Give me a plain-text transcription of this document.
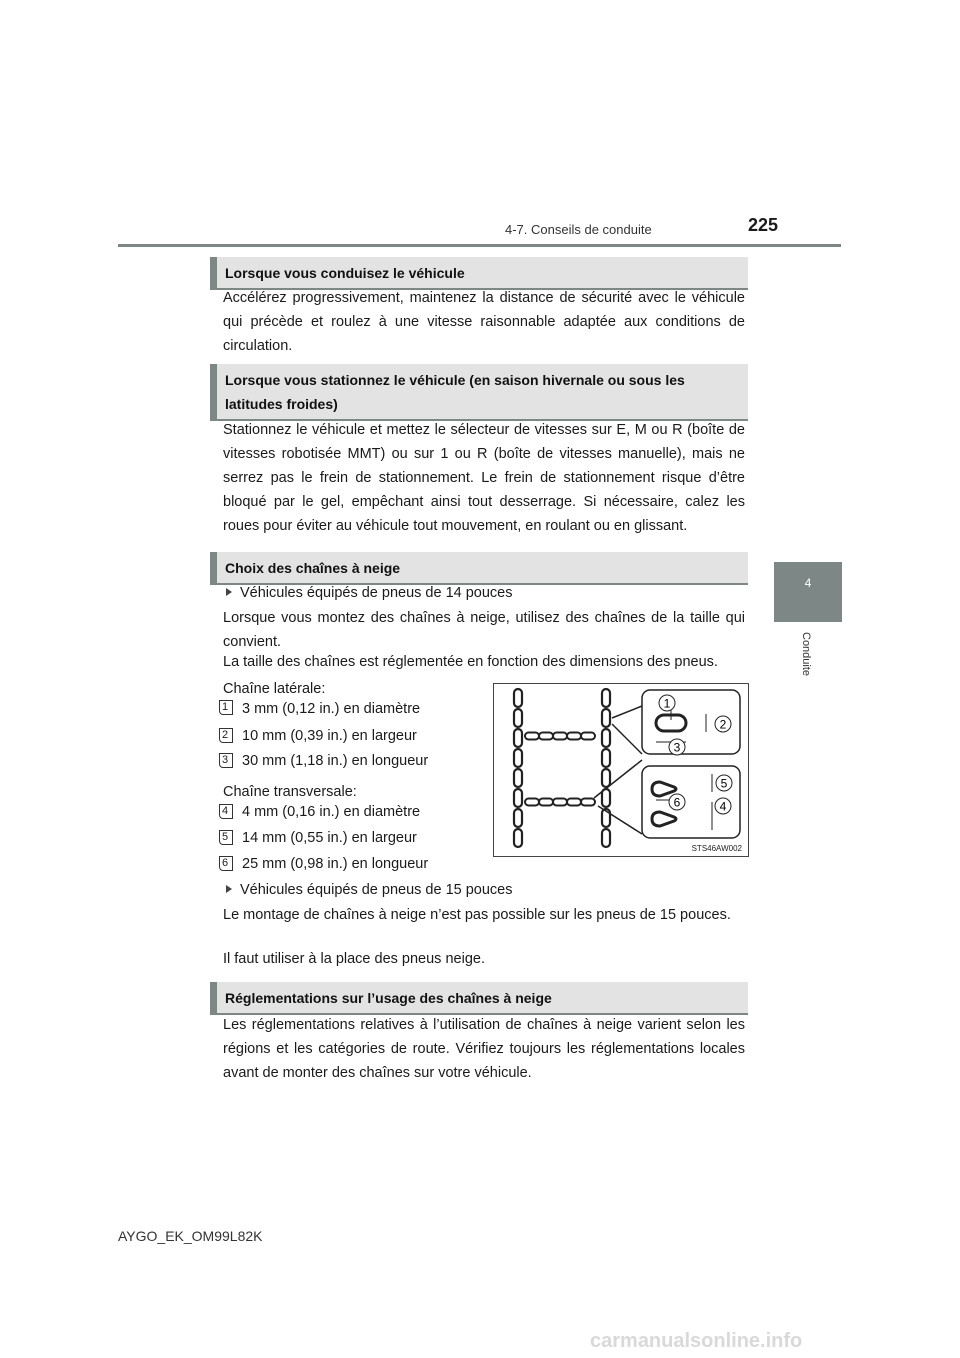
4-7. Conseils de conduite	225
4
Conduite
Lorsque vous conduisez le véhicule
Accélérez progressivement, maintenez la distance de sécurité avec le véhicule qui précède et roulez à une vitesse raisonnable adaptée aux conditions de circulation.
Lorsque vous stationnez le véhicule (en saison hivernale ou sous les latitudes froides)
Stationnez le véhicule et mettez le sélecteur de vitesses sur E, M ou R (boîte de vitesses robotisée MMT) ou sur 1 ou R (boîte de vitesses manuelle), mais ne serrez pas le frein de stationnement. Le frein de stationnement risque d’être bloqué par le gel, empêchant ainsi tout desserrage. Si nécessaire, calez les roues pour éviter au véhicule tout mouvement, en roulant ou en glissant.
Choix des chaînes à neige
Véhicules équipés de pneus de 14 pouces
Lorsque vous montez des chaînes à neige, utilisez des chaînes de la taille qui convient.
La taille des chaînes est réglementée en fonction des dimensions des pneus.
Chaîne latérale:
1 3 mm (0,12 in.) en diamètre
2 10 mm (0,39 in.) en largeur
3 30 mm (1,18 in.) en longueur
Chaîne transversale:
4 4 mm (0,16 in.) en diamètre
5 14 mm (0,55 in.) en largeur
6 25 mm (0,98 in.) en longueur
1
2
3
5
6	4
STS46AW002
Véhicules équipés de pneus de 15 pouces
Le montage de chaînes à neige n’est pas possible sur les pneus de 15 pouces.
Il faut utiliser à la place des pneus neige.
Réglementations sur l’usage des chaînes à neige
Les réglementations relatives à l’utilisation de chaînes à neige varient selon les régions et les catégories de route. Vérifiez toujours les réglementations locales avant de monter des chaînes sur votre véhicule.
AYGO_EK_OM99L82K
carmanualsonline.info
